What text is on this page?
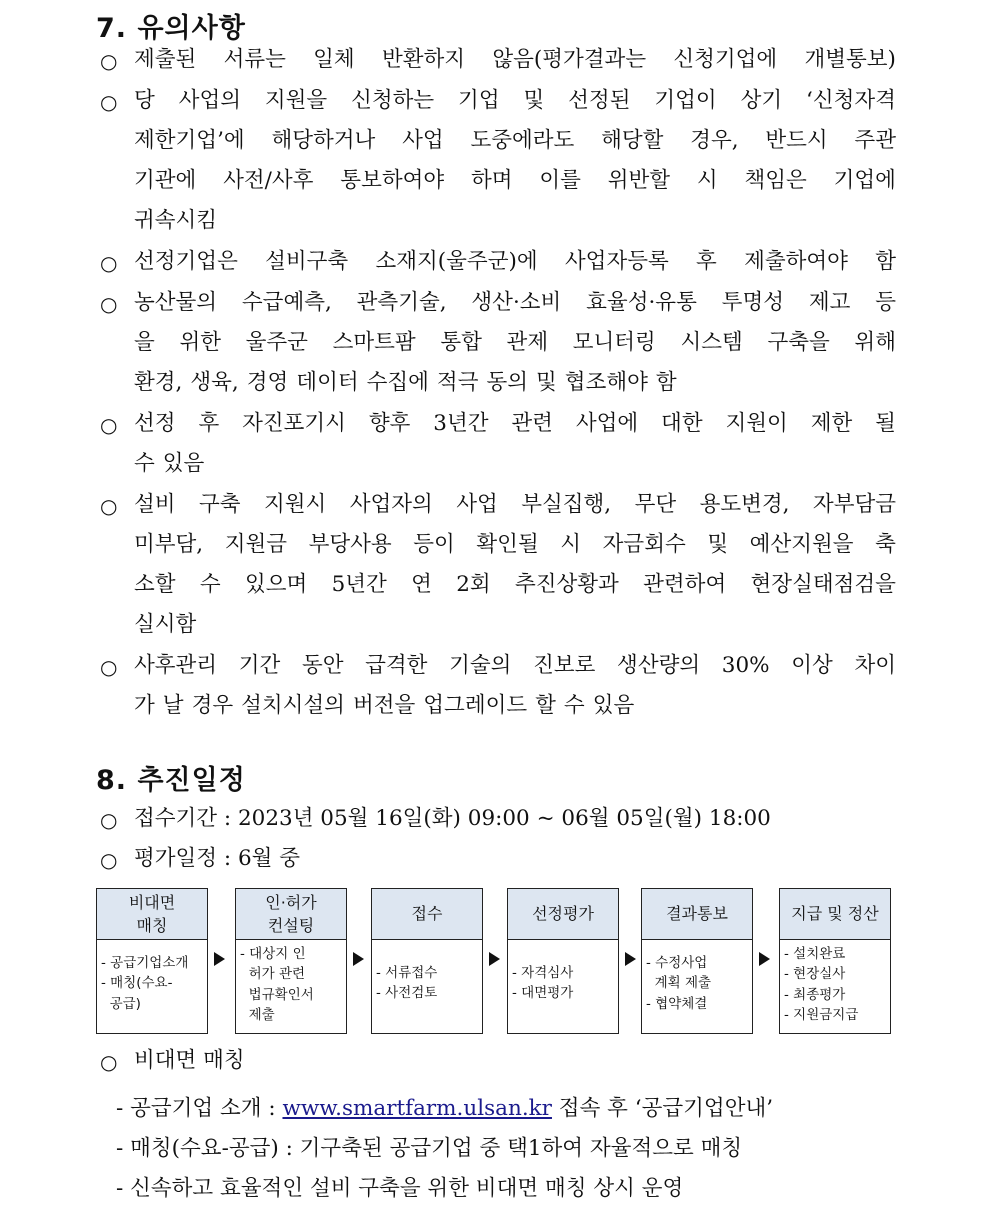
7. 유의사항
○ 제출된 서류는 일체 반환하지 않음(평가결과는 신청기업에 개별통보)
○ 당 사업의 지원을 신청하는 기업 및 선정된 기업이 상기 ‘신청자격
제한기업’에 해당하거나 사업 도중에라도 해당할 경우, 반드시 주관
기관에 사전/사후 통보하여야 하며 이를 위반할 시 책임은 기업에
귀속시킴
○ 선정기업은 설비구축 소재지(울주군)에 사업자등록 후 제출하여야 함
○ 농산물의 수급예측, 관측기술, 생산·소비 효율성·유통 투명성 제고 등
을 위한 울주군 스마트팜 통합 관제 모니터링 시스템 구축을 위해
환경, 생육, 경영 데이터 수집에 적극 동의 및 협조해야 함
○ 선정 후 자진포기시 향후 3년간 관련 사업에 대한 지원이 제한 될
수 있음
○ 설비 구축 지원시 사업자의 사업 부실집행, 무단 용도변경, 자부담금
미부담, 지원금 부당사용 등이 확인될 시 자금회수 및 예산지원을 축
소할 수 있으며 5년간 연 2회 추진상황과 관련하여 현장실태점검을
실시함
○ 사후관리 기간 동안 급격한 기술의 진보로 생산량의 30% 이상 차이
가 날 경우 설치시설의 버전을 업그레이드 할 수 있음
8. 추진일정
○ 접수기간 : 2023년 05월 16일(화) 09:00 ~ 06월 05일(월) 18:00
○ 평가일정 : 6월 중
비대면
매칭
- 공급기업소개
- 매칭(수요-
공급)
인·허가
컨설팅
- 대상지 인
허가 관련
법규확인서
제출
접수
- 서류접수
- 사전검토
선정평가
- 자격심사
- 대면평가
결과통보
- 수정사업
계획 제출
- 협약체결
지급 및 정산
- 설치완료
- 현장실사
- 최종평가
- 지원금지급
○ 비대면 매칭
- 공급기업 소개 : www.smartfarm.ulsan.kr 접속 후 ‘공급기업안내’
- 매칭(수요-공급) : 기구축된 공급기업 중 택1하여 자율적으로 매칭
- 신속하고 효율적인 설비 구축을 위한 비대면 매칭 상시 운영
